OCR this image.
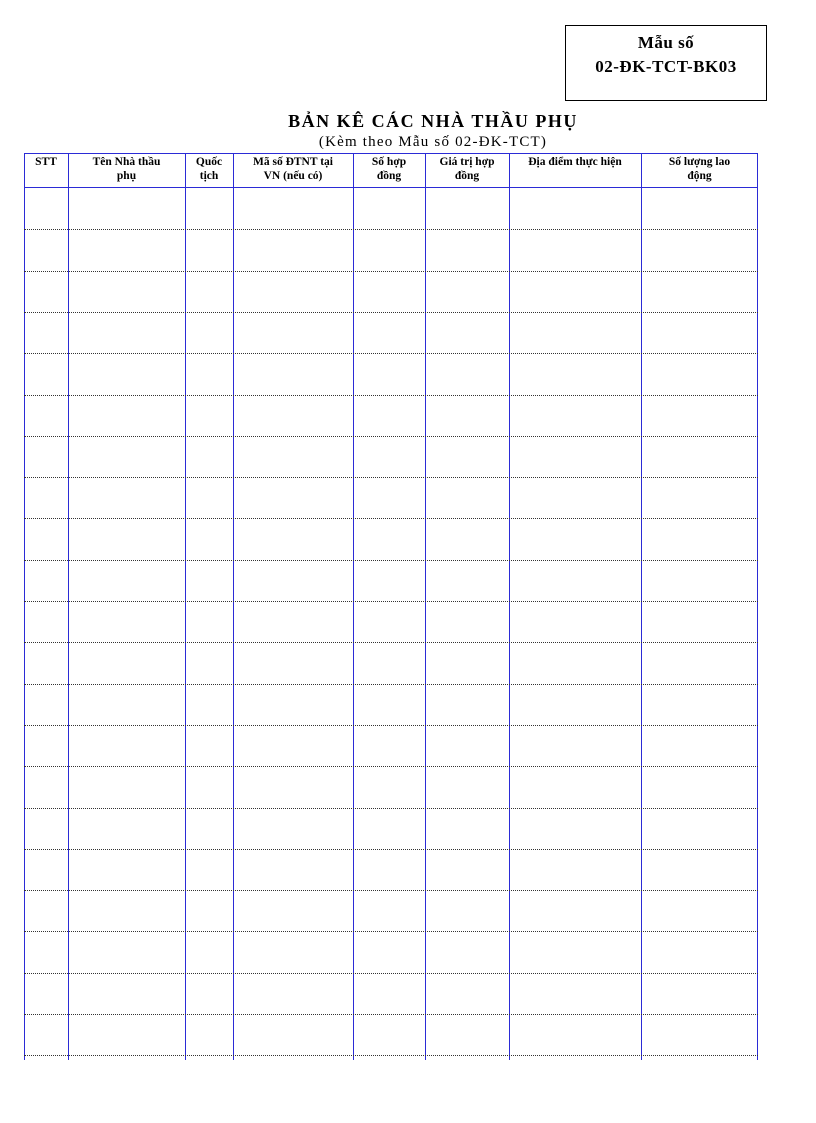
Mẫu số
02-ĐK-TCT-BK03
BẢN KÊ CÁC NHÀ THẦU PHỤ
(Kèm theo Mẫu số 02-ĐK-TCT)
STT	Tên Nhà thầu
phụ
Quốc
tịch
Mã số ĐTNT tại
VN (nếu có)
Số hợp
đồng
Giá trị hợp
đồng
Địa điểm thực hiện	Số lượng lao
động
